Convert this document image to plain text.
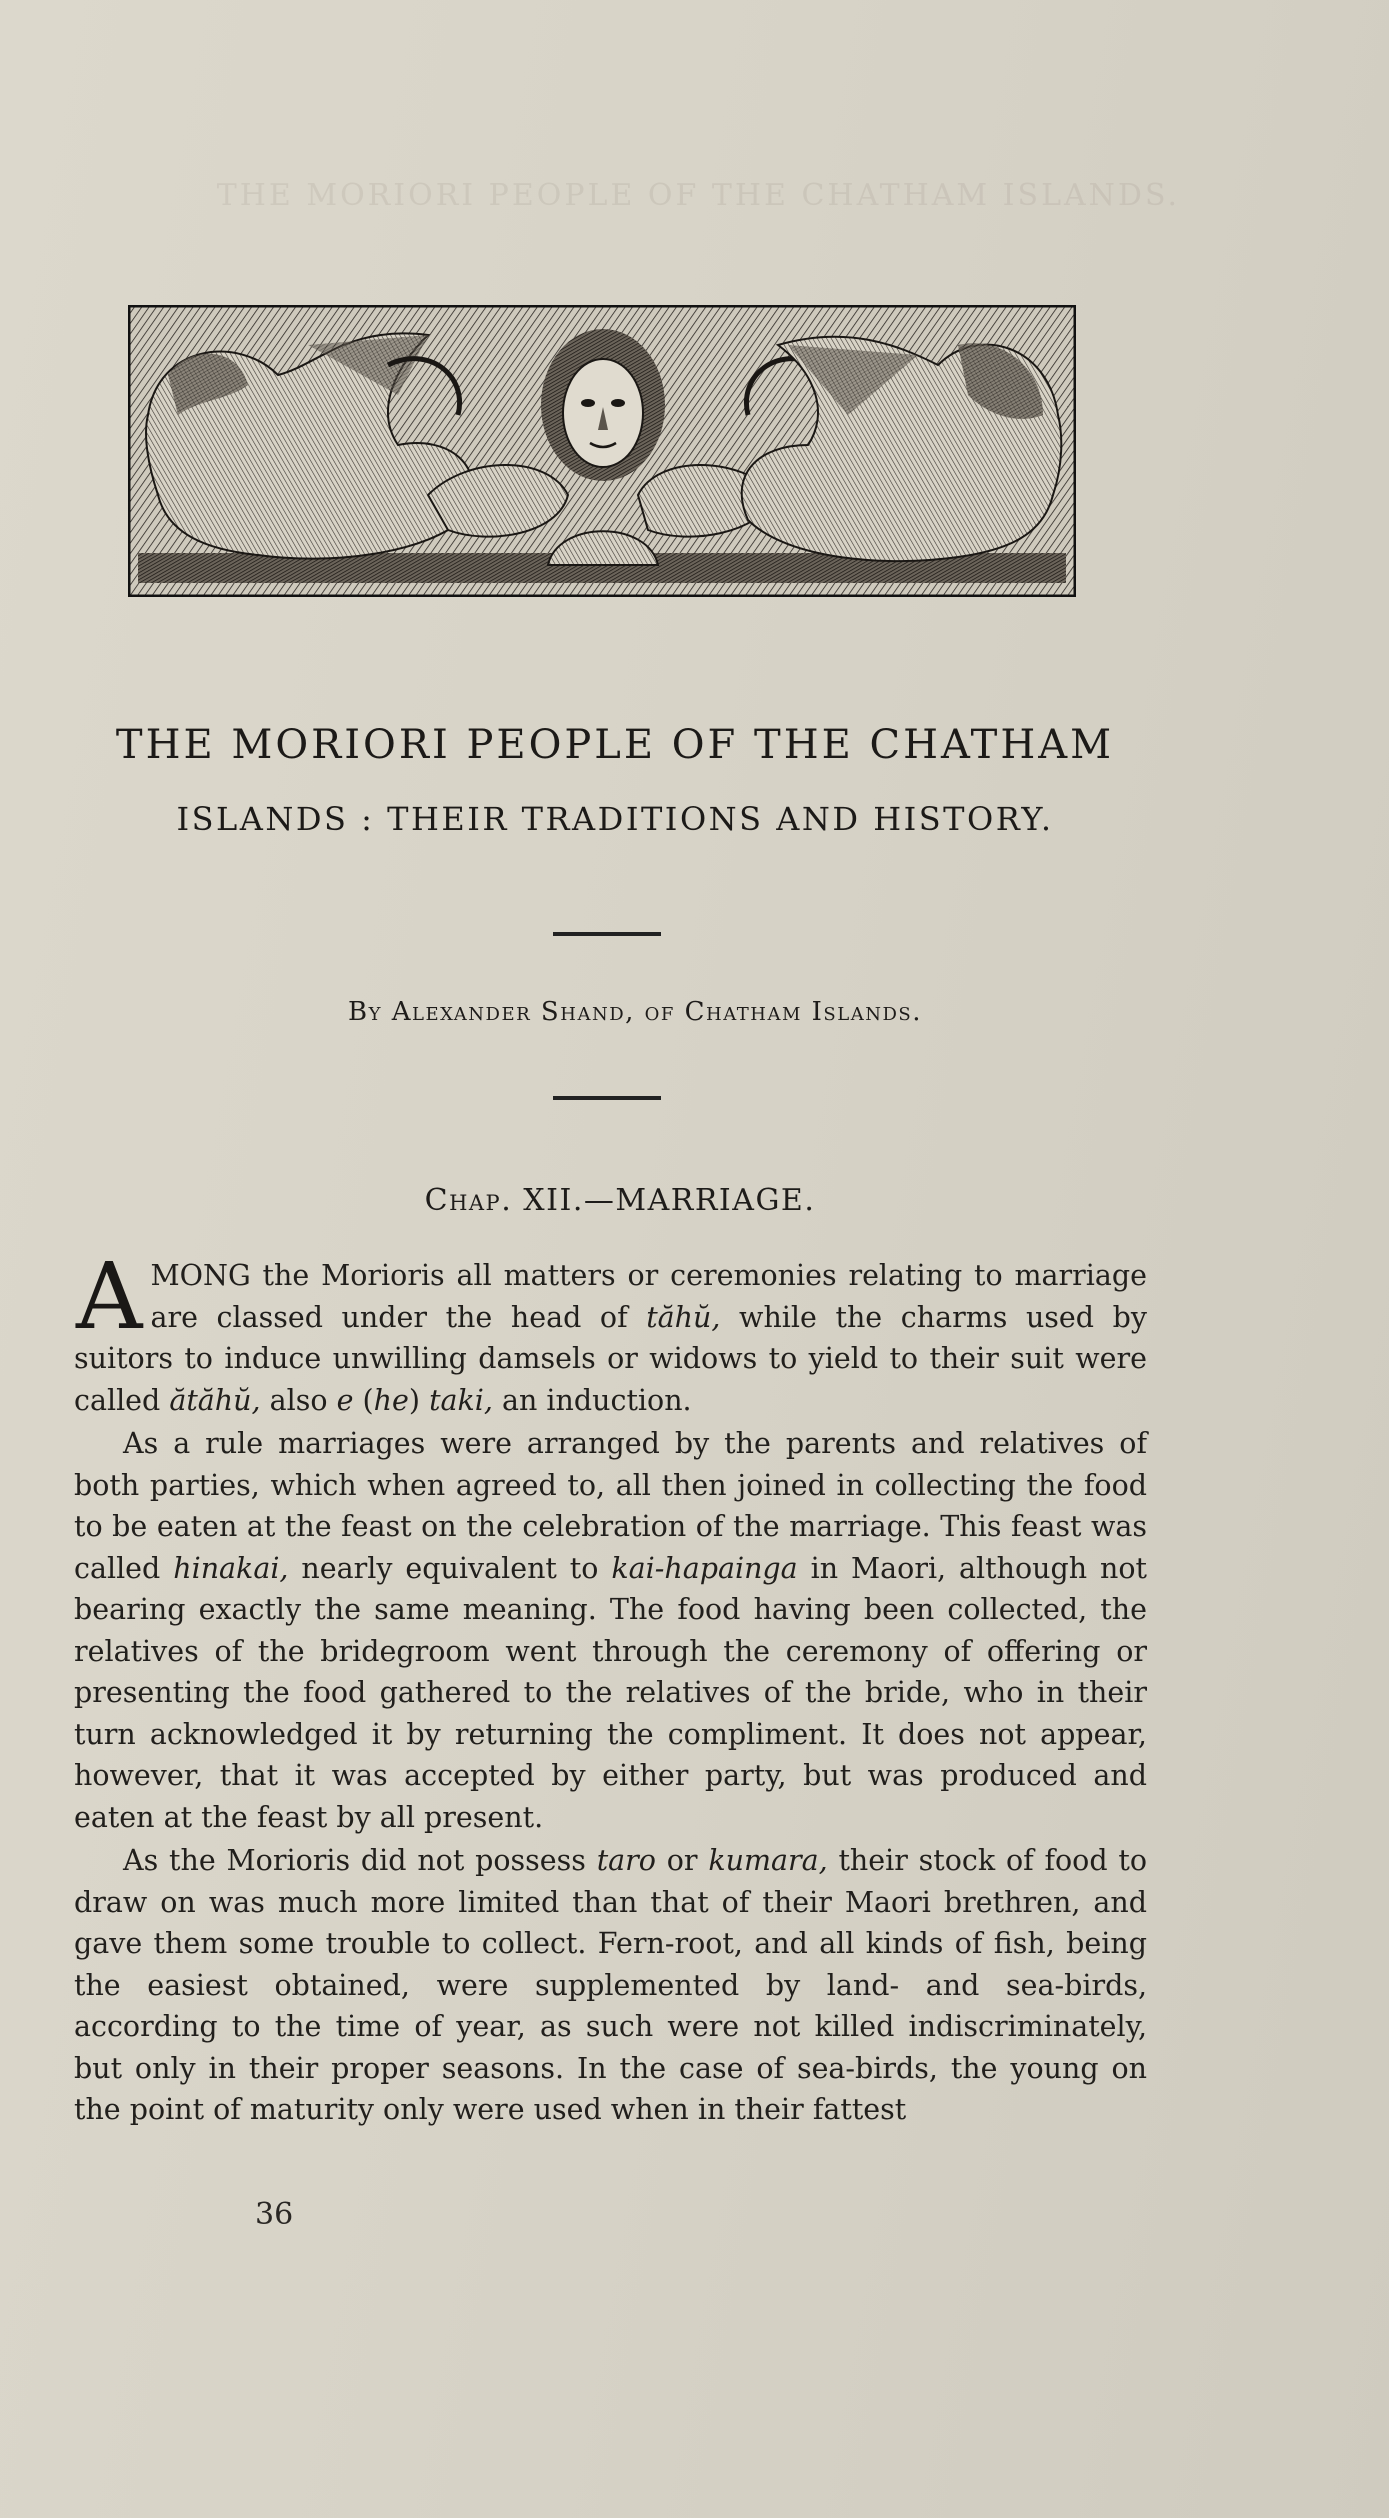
THE MORIORI PEOPLE OF THE CHATHAM ISLANDS.
THE MORIORI PEOPLE OF THE CHATHAM
ISLANDS : THEIR TRADITIONS AND HISTORY.
By Alexander Shand, of Chatham Islands.
Chap. XII.—MARRIAGE.

AMONG the Morioris all matters or ceremonies relating to marriage are classed under the head of tăhŭ, while the charms used by suitors to induce unwilling damsels or widows to yield to their suit were called ătăhŭ, also e (he) taki, an induction.

As a rule marriages were arranged by the parents and relatives of both parties, which when agreed to, all then joined in collecting the food to be eaten at the feast on the celebration of the marriage. This feast was called hinakai, nearly equivalent to kai-hapainga in Maori, although not bearing exactly the same meaning. The food having been collected, the relatives of the bridegroom went through the ceremony of offering or presenting the food gathered to the relatives of the bride, who in their turn acknowledged it by returning the compliment. It does not appear, however, that it was accepted by either party, but was produced and eaten at the feast by all present.

As the Morioris did not possess taro or kumara, their stock of food to draw on was much more limited than that of their Maori brethren, and gave them some trouble to collect. Fern-root, and all kinds of fish, being the easiest obtained, were supplemented by land- and sea-birds, according to the time of year, as such were not killed indiscriminately, but only in their proper seasons. In the case of sea-birds, the young on the point of maturity only were used when in their fattest

36
